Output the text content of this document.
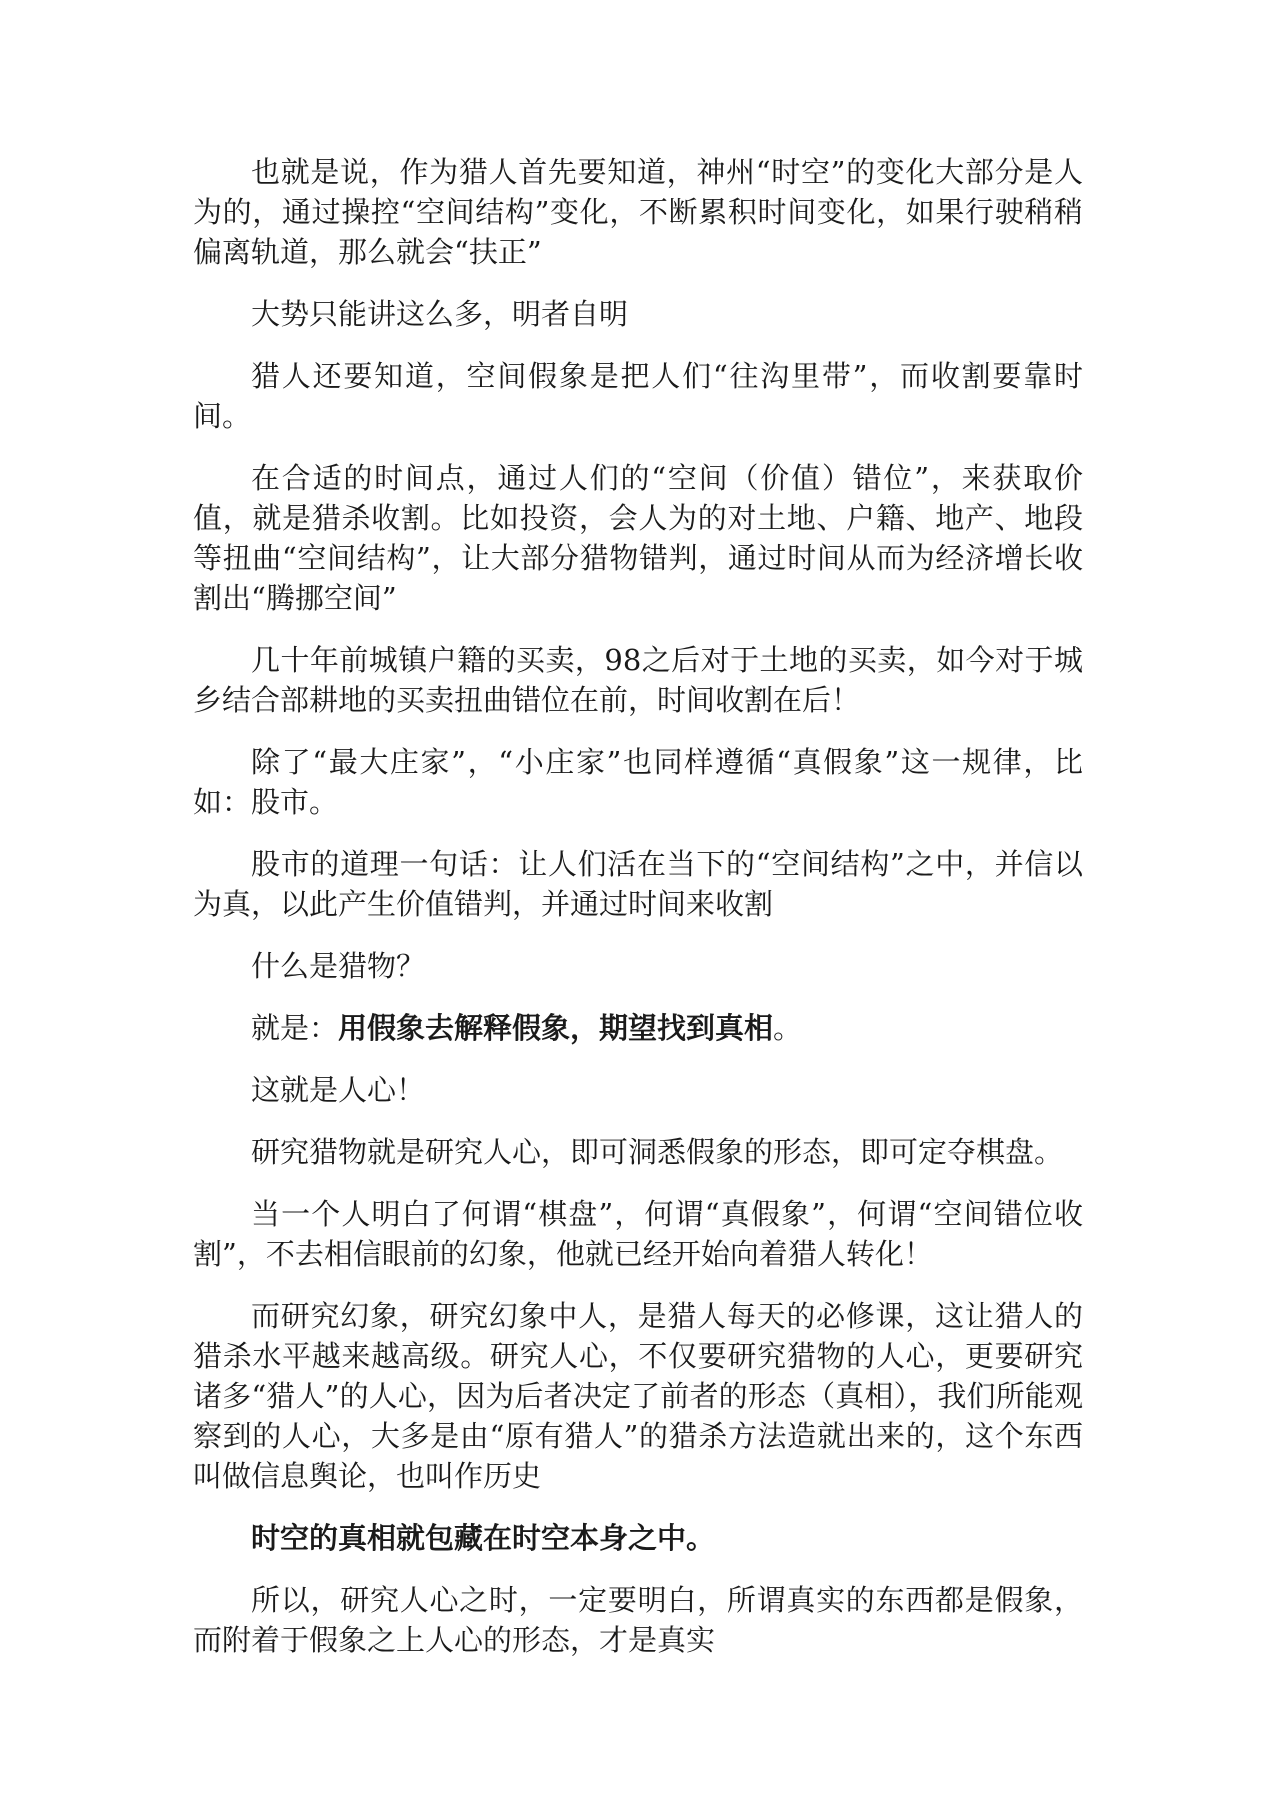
也就是说，作为猎人首先要知道，神州“时空”的变化大部分是人为的，通过操控“空间结构”变化，不断累积时间变化，如果行驶稍稍偏离轨道，那么就会“扶正”

大势只能讲这么多，明者自明

猎人还要知道，空间假象是把人们“往沟里带”，而收割要靠时间。

在合适的时间点，通过人们的“空间（价值）错位”，来获取价值，就是猎杀收割。比如投资，会人为的对土地、户籍、地产、地段等扭曲“空间结构”，让大部分猎物错判，通过时间从而为经济增长收割出“腾挪空间”

几十年前城镇户籍的买卖，98之后对于土地的买卖，如今对于城乡结合部耕地的买卖扭曲错位在前，时间收割在后！

除了“最大庄家”，“小庄家”也同样遵循“真假象”这一规律，比如：股市。

股市的道理一句话：让人们活在当下的“空间结构”之中，并信以为真，以此产生价值错判，并通过时间来收割

什么是猎物？

就是：用假象去解释假象，期望找到真相。

这就是人心！

研究猎物就是研究人心，即可洞悉假象的形态，即可定夺棋盘。

当一个人明白了何谓“棋盘”，何谓“真假象”，何谓“空间错位收割”，不去相信眼前的幻象，他就已经开始向着猎人转化！

而研究幻象，研究幻象中人，是猎人每天的必修课，这让猎人的猎杀水平越来越高级。研究人心，不仅要研究猎物的人心，更要研究诸多“猎人”的人心，因为后者决定了前者的形态（真相），我们所能观察到的人心，大多是由“原有猎人”的猎杀方法造就出来的，这个东西叫做信息舆论，也叫作历史

时空的真相就包藏在时空本身之中。

所以，研究人心之时，一定要明白，所谓真实的东西都是假象，而附着于假象之上人心的形态，才是真实
